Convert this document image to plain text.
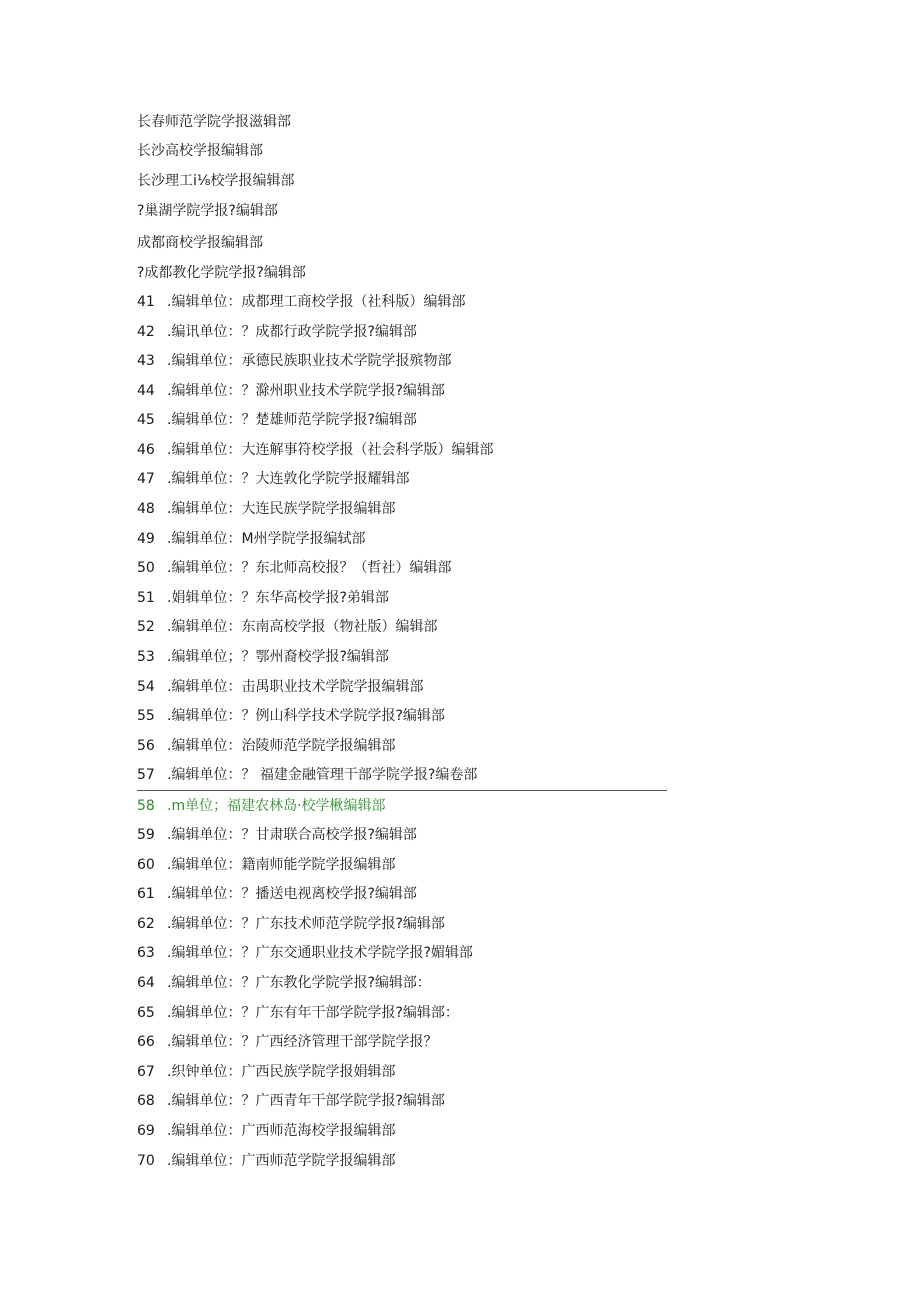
长春师范学院学报滋辑部
长沙高校学报编辑部
长沙理工i⅛校学报编辑部
?巢湖学院学报?编辑部
成都商校学报编辑部
?成都教化学院学报?编辑部
41 .编辑单位：成都理工商校学报（社科版）编辑部
42 .编讯单位：？成都行政学院学报?编辑部
43 .编辑单位：承德民族职业技术学院学报殡物部
44 .编辑单位：？滁州职业技术学院学报?编辑部
45 .编辑单位：？楚雄师范学院学报?编辑部
46 .编辑单位：大连解事符校学报（社会科学版）编辑部
47 .编辑单位：？大连敦化学院学报耀辑部
48 .编辑单位：大连民族学院学报编辑部
49 .编辑单位：M州学院学报编轼部
50 .编辑单位：？东北师高校报？（哲社）编辑部
51 .娟辑单位：？东华高校学报?弟辑部
52 .编辑单位：东南高校学报（物社版）编辑部
53 .编辑单位；？鄂州裔校学报?编辑部
54 .编辑单位：击禺职业技术学院学报编辑部
55 .编辑单位：？例山科学技术学院学报?编辑部
56 .编辑单位：治陵师范学院学报编辑部
57 .编辑单位：？ 福建金融管理干部学院学报?编卷部
58 .m单位；福建农林岛·校学楸编辑部
59 .编辑单位：？甘肃联合高校学报?编辑部
60 .编辑单位：籍南师能学院学报编辑部
61 .编辑单位：？播送电视离校学报?编辑部
62 .编辑单位：？广东技术师范学院学报?编辑部
63 .编辑单位：？广东交通职业技术学院学报?媚辑部
64 .编辑单位：？广东教化学院学报?编辑部：
65 .编辑单位：？广东有年干部学院学报?编辑部：
66 .编辑单位：？广西经济管理干部学院学报？
67 .织钟单位：广西民族学院学报娟辑部
68 .编辑单位：？广西青年干部学院学报?编辑部
69 .编辑单位：广西师范海校学报编辑部
70 .编辑单位：广西师范学院学报编辑部
